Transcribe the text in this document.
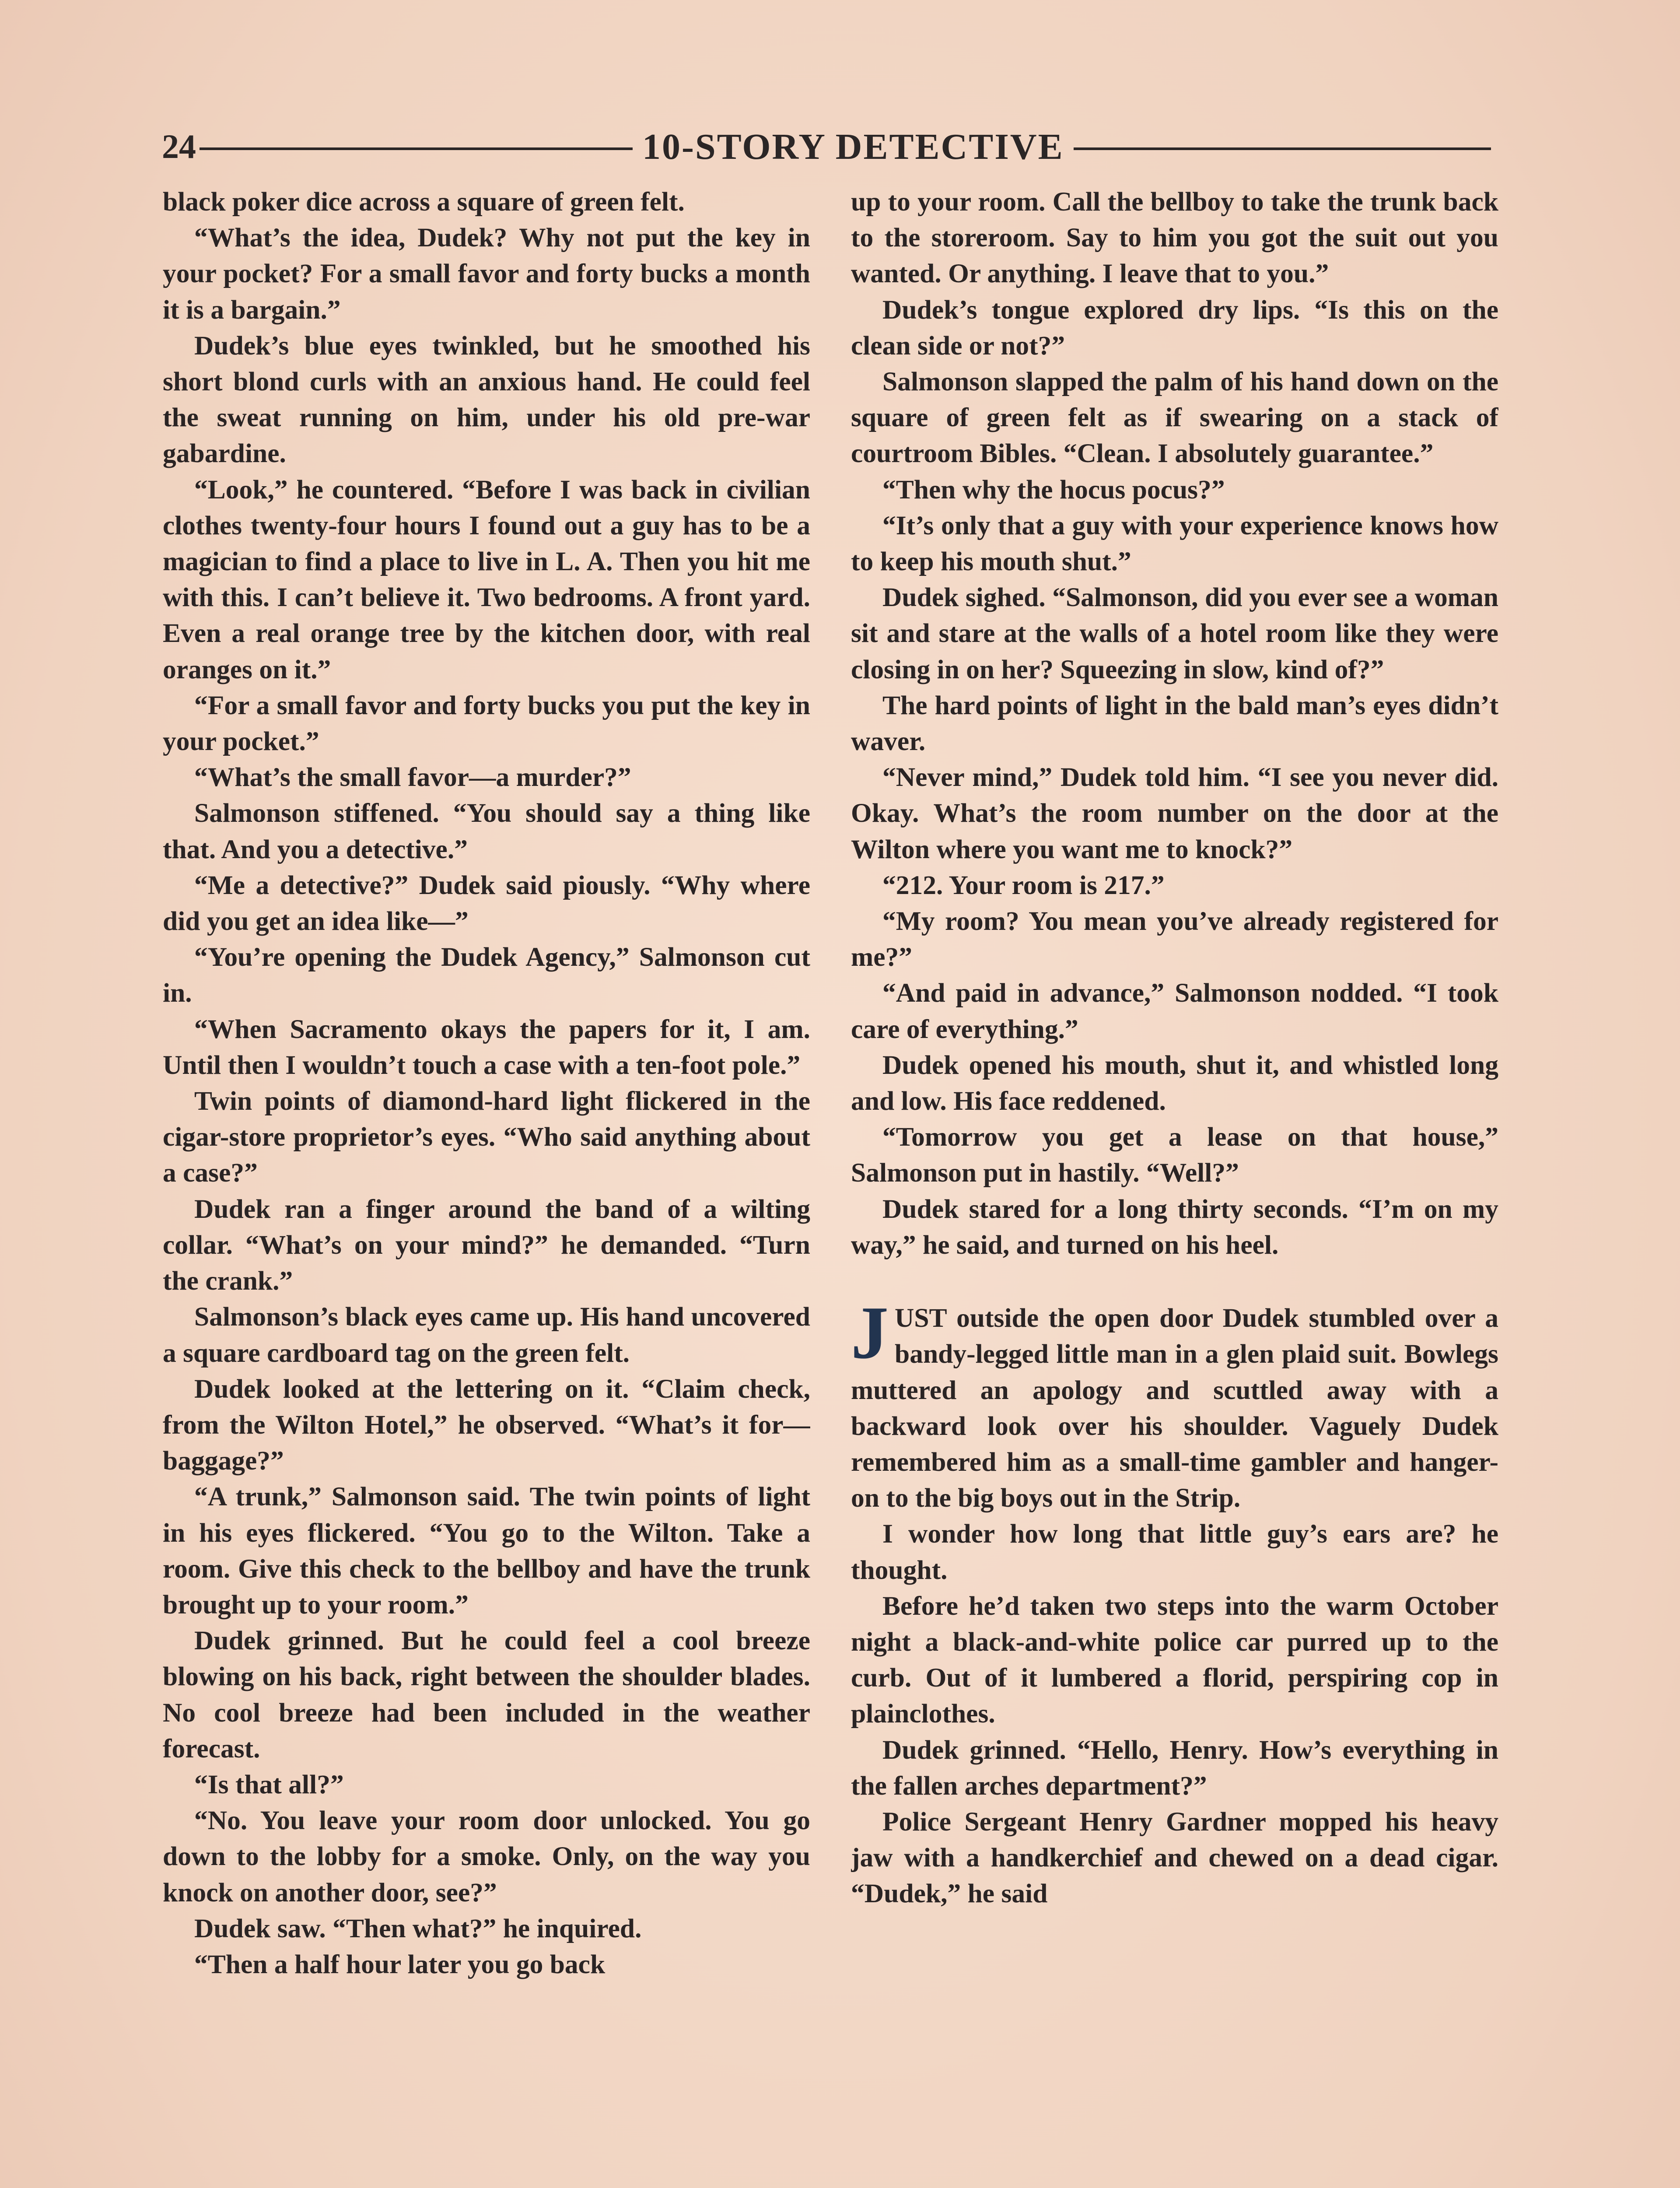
24	10-STORY DETECTIVE

black poker dice across a square of green felt.

“What’s the idea, Dudek? Why not put the key in your pocket? For a small favor and forty bucks a month it is a bargain.”

Dudek’s blue eyes twinkled, but he smoothed his short blond curls with an anxious hand. He could feel the sweat running on him, under his old pre-war gabardine.

“Look,” he countered. “Before I was back in civilian clothes twenty-four hours I found out a guy has to be a magician to find a place to live in L. A. Then you hit me with this. I can’t believe it. Two bedrooms. A front yard. Even a real orange tree by the kitchen door, with real oranges on it.”

“For a small favor and forty bucks you put the key in your pocket.”

“What’s the small favor—a murder?”

Salmonson stiffened. “You should say a thing like that. And you a detective.”

“Me a detective?” Dudek said piously. “Why where did you get an idea like—”

“You’re opening the Dudek Agency,” Salmonson cut in.

“When Sacramento okays the papers for it, I am. Until then I wouldn’t touch a case with a ten-foot pole.”

Twin points of diamond-hard light flickered in the cigar-store proprietor’s eyes. “Who said anything about a case?”

Dudek ran a finger around the band of a wilting collar. “What’s on your mind?” he demanded. “Turn the crank.”

Salmonson’s black eyes came up. His hand uncovered a square cardboard tag on the green felt.

Dudek looked at the lettering on it. “Claim check, from the Wilton Hotel,” he observed. “What’s it for—baggage?”

“A trunk,” Salmonson said. The twin points of light in his eyes flickered. “You go to the Wilton. Take a room. Give this check to the bellboy and have the trunk brought up to your room.”

Dudek grinned. But he could feel a cool breeze blowing on his back, right between the shoulder blades. No cool breeze had been included in the weather forecast.

“Is that all?”

“No. You leave your room door unlocked. You go down to the lobby for a smoke. Only, on the way you knock on another door, see?”

Dudek saw. “Then what?” he inquired.

“Then a half hour later you go back

up to your room. Call the bellboy to take the trunk back to the storeroom. Say to him you got the suit out you wanted. Or anything. I leave that to you.”

Dudek’s tongue explored dry lips. “Is this on the clean side or not?”

Salmonson slapped the palm of his hand down on the square of green felt as if swearing on a stack of courtroom Bibles. “Clean. I absolutely guarantee.”

“Then why the hocus pocus?”

“It’s only that a guy with your experience knows how to keep his mouth shut.”

Dudek sighed. “Salmonson, did you ever see a woman sit and stare at the walls of a hotel room like they were closing in on her? Squeezing in slow, kind of?”

The hard points of light in the bald man’s eyes didn’t waver.

“Never mind,” Dudek told him. “I see you never did. Okay. What’s the room number on the door at the Wilton where you want me to knock?”

“212. Your room is 217.”

“My room? You mean you’ve already registered for me?”

“And paid in advance,” Salmonson nodded. “I took care of everything.”

Dudek opened his mouth, shut it, and whistled long and low. His face reddened.

“Tomorrow you get a lease on that house,” Salmonson put in hastily. “Well?”

Dudek stared for a long thirty seconds. “I’m on my way,” he said, and turned on his heel.

JUST outside the open door Dudek stumbled over a bandy-legged little man in a glen plaid suit. Bowlegs muttered an apology and scuttled away with a backward look over his shoulder. Vaguely Dudek remembered him as a small-time gambler and hanger-on to the big boys out in the Strip.

I wonder how long that little guy’s ears are? he thought.

Before he’d taken two steps into the warm October night a black-and-white police car purred up to the curb. Out of it lumbered a florid, perspiring cop in plainclothes.

Dudek grinned. “Hello, Henry. How’s everything in the fallen arches department?”

Police Sergeant Henry Gardner mopped his heavy jaw with a handkerchief and chewed on a dead cigar. “Dudek,” he said
